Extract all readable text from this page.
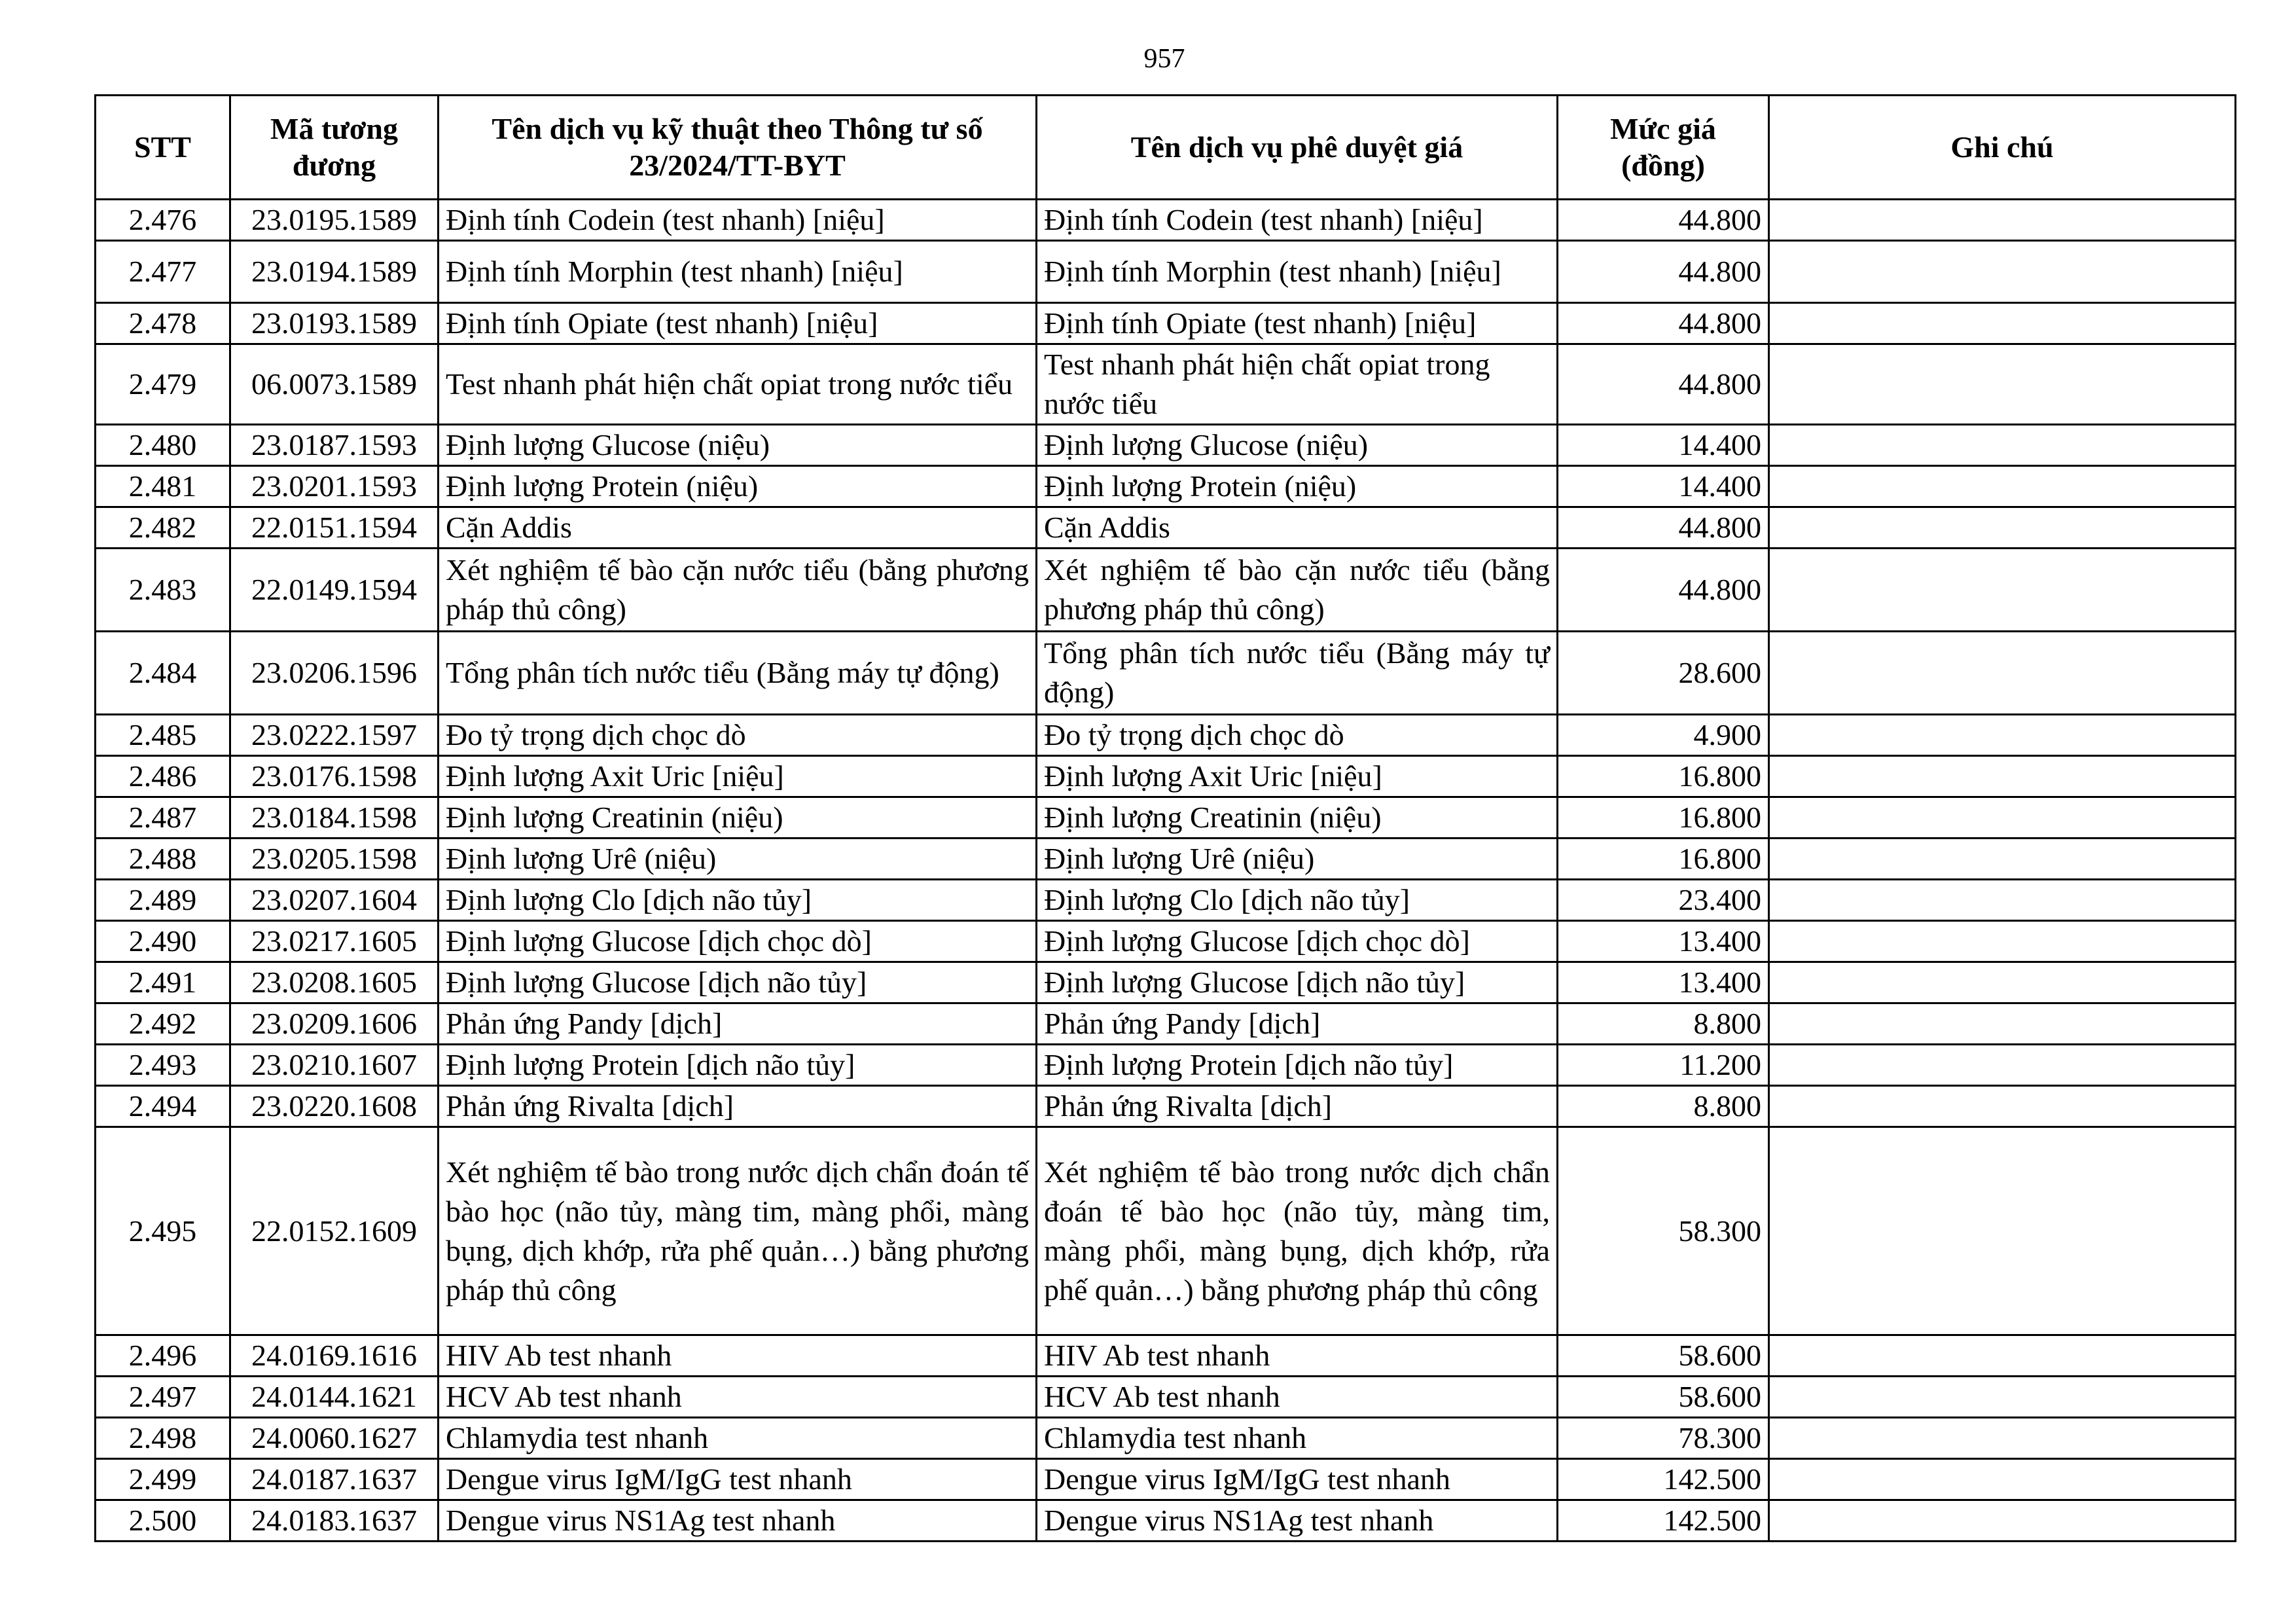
957
STT	Mã tương đương	Tên dịch vụ kỹ thuật theo Thông tư số 23/2024/TT-BYT	Tên dịch vụ phê duyệt giá	Mức giá (đồng)	Ghi chú
2.476	23.0195.1589	Định tính Codein (test nhanh) [niệu]	Định tính Codein (test nhanh) [niệu]	44.800	
2.477	23.0194.1589	Định tính Morphin (test nhanh) [niệu]	Định tính Morphin (test nhanh) [niệu]	44.800	
2.478	23.0193.1589	Định tính Opiate (test nhanh) [niệu]	Định tính Opiate (test nhanh) [niệu]	44.800	
2.479	06.0073.1589	Test nhanh phát hiện chất opiat trong nước tiểu	Test nhanh phát hiện chất opiat trong nước tiểu	44.800	
2.480	23.0187.1593	Định lượng Glucose (niệu)	Định lượng Glucose (niệu)	14.400	
2.481	23.0201.1593	Định lượng Protein (niệu)	Định lượng Protein (niệu)	14.400	
2.482	22.0151.1594	Cặn Addis	Cặn Addis	44.800	
2.483	22.0149.1594	Xét nghiệm tế bào cặn nước tiểu (bằng phương pháp thủ công)	Xét nghiệm tế bào cặn nước tiểu (bằng phương pháp thủ công)	44.800	
2.484	23.0206.1596	Tổng phân tích nước tiểu (Bằng máy tự động)	Tổng phân tích nước tiểu (Bằng máy tự động)	28.600	
2.485	23.0222.1597	Đo tỷ trọng dịch chọc dò	Đo tỷ trọng dịch chọc dò	4.900	
2.486	23.0176.1598	Định lượng Axit Uric [niệu]	Định lượng Axit Uric [niệu]	16.800	
2.487	23.0184.1598	Định lượng Creatinin (niệu)	Định lượng Creatinin (niệu)	16.800	
2.488	23.0205.1598	Định lượng Urê (niệu)	Định lượng Urê (niệu)	16.800	
2.489	23.0207.1604	Định lượng Clo [dịch não tủy]	Định lượng Clo [dịch não tủy]	23.400	
2.490	23.0217.1605	Định lượng Glucose [dịch chọc dò]	Định lượng Glucose [dịch chọc dò]	13.400	
2.491	23.0208.1605	Định lượng Glucose [dịch não tủy]	Định lượng Glucose [dịch não tủy]	13.400	
2.492	23.0209.1606	Phản ứng Pandy [dịch]	Phản ứng Pandy [dịch]	8.800	
2.493	23.0210.1607	Định lượng Protein [dịch não tủy]	Định lượng Protein [dịch não tủy]	11.200	
2.494	23.0220.1608	Phản ứng Rivalta [dịch]	Phản ứng Rivalta [dịch]	8.800	
2.495	22.0152.1609	Xét nghiệm tế bào trong nước dịch chẩn đoán tế bào học (não tủy, màng tim, màng phổi, màng bụng, dịch khớp, rửa phế quản…) bằng phương pháp thủ công	Xét nghiệm tế bào trong nước dịch chẩn đoán tế bào học (não tủy, màng tim, màng phổi, màng bụng, dịch khớp, rửa phế quản…) bằng phương pháp thủ công	58.300	
2.496	24.0169.1616	HIV Ab test nhanh	HIV Ab test nhanh	58.600	
2.497	24.0144.1621	HCV Ab test nhanh	HCV Ab test nhanh	58.600	
2.498	24.0060.1627	Chlamydia test nhanh	Chlamydia test nhanh	78.300	
2.499	24.0187.1637	Dengue virus IgM/IgG test nhanh	Dengue virus IgM/IgG test nhanh	142.500	
2.500	24.0183.1637	Dengue virus NS1Ag test nhanh	Dengue virus NS1Ag test nhanh	142.500	
